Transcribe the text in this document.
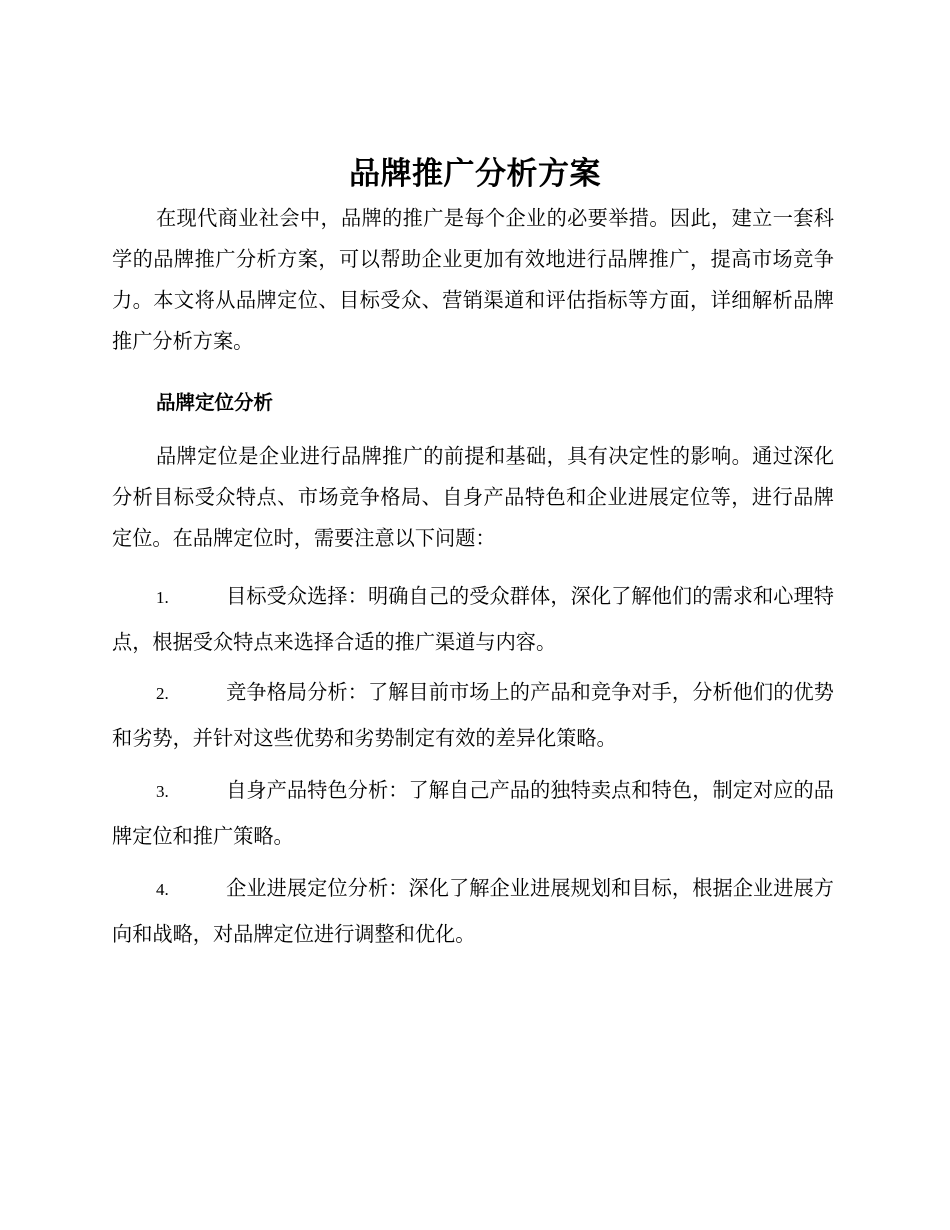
品牌推广分析方案

在现代商业社会中，品牌的推广是每个企业的必要举措。因此，建立一套科学的品牌推广分析方案，可以帮助企业更加有效地进行品牌推广，提高市场竞争力。本文将从品牌定位、目标受众、营销渠道和评估指标等方面，详细解析品牌推广分析方案。

品牌定位分析

品牌定位是企业进行品牌推广的前提和基础，具有决定性的影响。通过深化分析目标受众特点、市场竞争格局、自身产品特色和企业进展定位等，进行品牌定位。在品牌定位时，需要注意以下问题：

1.	目标受众选择：明确自己的受众群体，深化了解他们的需求和心理特点，根据受众特点来选择合适的推广渠道与内容。

2.	竞争格局分析：了解目前市场上的产品和竞争对手，分析他们的优势和劣势，并针对这些优势和劣势制定有效的差异化策略。

3.	自身产品特色分析：了解自己产品的独特卖点和特色，制定对应的品牌定位和推广策略。

4.	企业进展定位分析：深化了解企业进展规划和目标，根据企业进展方向和战略，对品牌定位进行调整和优化。
